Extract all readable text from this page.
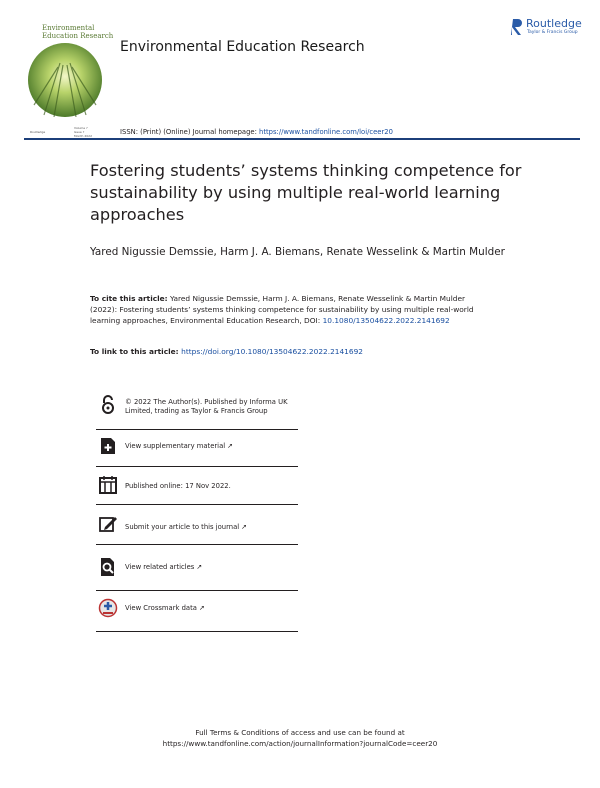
Environmental
Education Research
Environmental Education Research
Routledge
Taylor & Francis Group
Routledge
Volume ?
Issue ?
Month 2022	ISSN: (Print) (Online) Journal homepage: https://www.tandfonline.com/loi/ceer20
Fostering students’ systems thinking competence for sustainability by using multiple real-world learning approaches

Yared Nigussie Demssie, Harm J. A. Biemans, Renate Wesselink & Martin Mulder

To cite this article: Yared Nigussie Demssie, Harm J. A. Biemans, Renate Wesselink & Martin Mulder (2022): Fostering students’ systems thinking competence for sustainability by using multiple real-world learning approaches, Environmental Education Research, DOI: 10.1080/13504622.2022.2141692
To link to this article: https://doi.org/10.1080/13504622.2022.2141692
© 2022 The Author(s). Published by Informa UK Limited, trading as Taylor & Francis Group
View supplementary material ↗
Published online: 17 Nov 2022.
Submit your article to this journal ↗
View related articles ↗
View Crossmark data ↗
Full Terms & Conditions of access and use can be found at
https://www.tandfonline.com/action/journalInformation?journalCode=ceer20
